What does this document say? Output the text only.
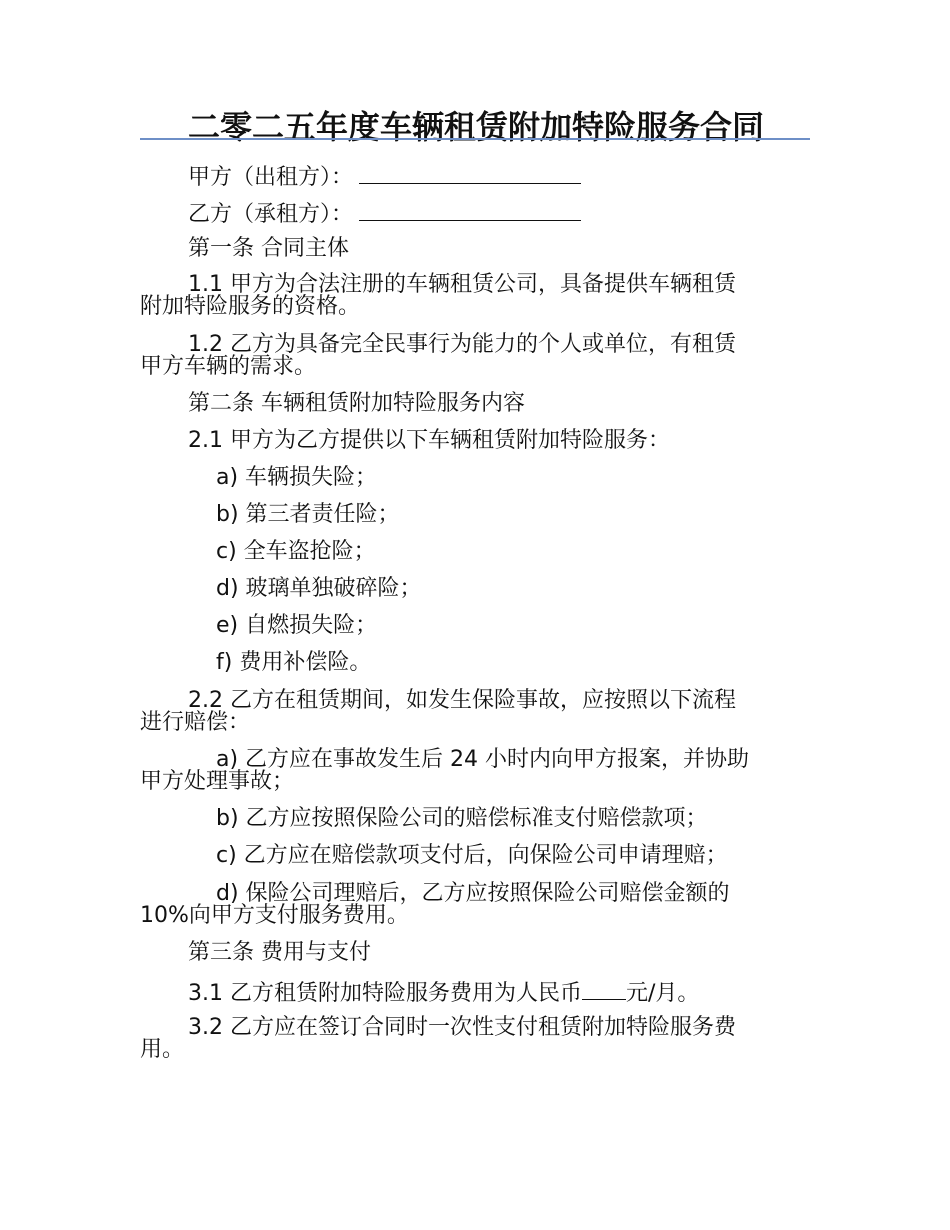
二零二五年度车辆租赁附加特险服务合同
甲方（出租方）：
乙方（承租方）：
第一条 合同主体
1.1 甲方为合法注册的车辆租赁公司，具备提供车辆租赁
附加特险服务的资格。
1.2 乙方为具备完全民事行为能力的个人或单位，有租赁
甲方车辆的需求。
第二条 车辆租赁附加特险服务内容
2.1 甲方为乙方提供以下车辆租赁附加特险服务：
a) 车辆损失险；
b) 第三者责任险；
c) 全车盗抢险；
d) 玻璃单独破碎险；
e) 自燃损失险；
f) 费用补偿险。
2.2 乙方在租赁期间，如发生保险事故，应按照以下流程
进行赔偿：
a) 乙方应在事故发生后 24 小时内向甲方报案，并协助
甲方处理事故；
b) 乙方应按照保险公司的赔偿标准支付赔偿款项；
c) 乙方应在赔偿款项支付后，向保险公司申请理赔；
d) 保险公司理赔后，乙方应按照保险公司赔偿金额的
10%向甲方支付服务费用。
第三条 费用与支付
3.1 乙方租赁附加特险服务费用为人民币 元/月。
3.2 乙方应在签订合同时一次性支付租赁附加特险服务费
用。
